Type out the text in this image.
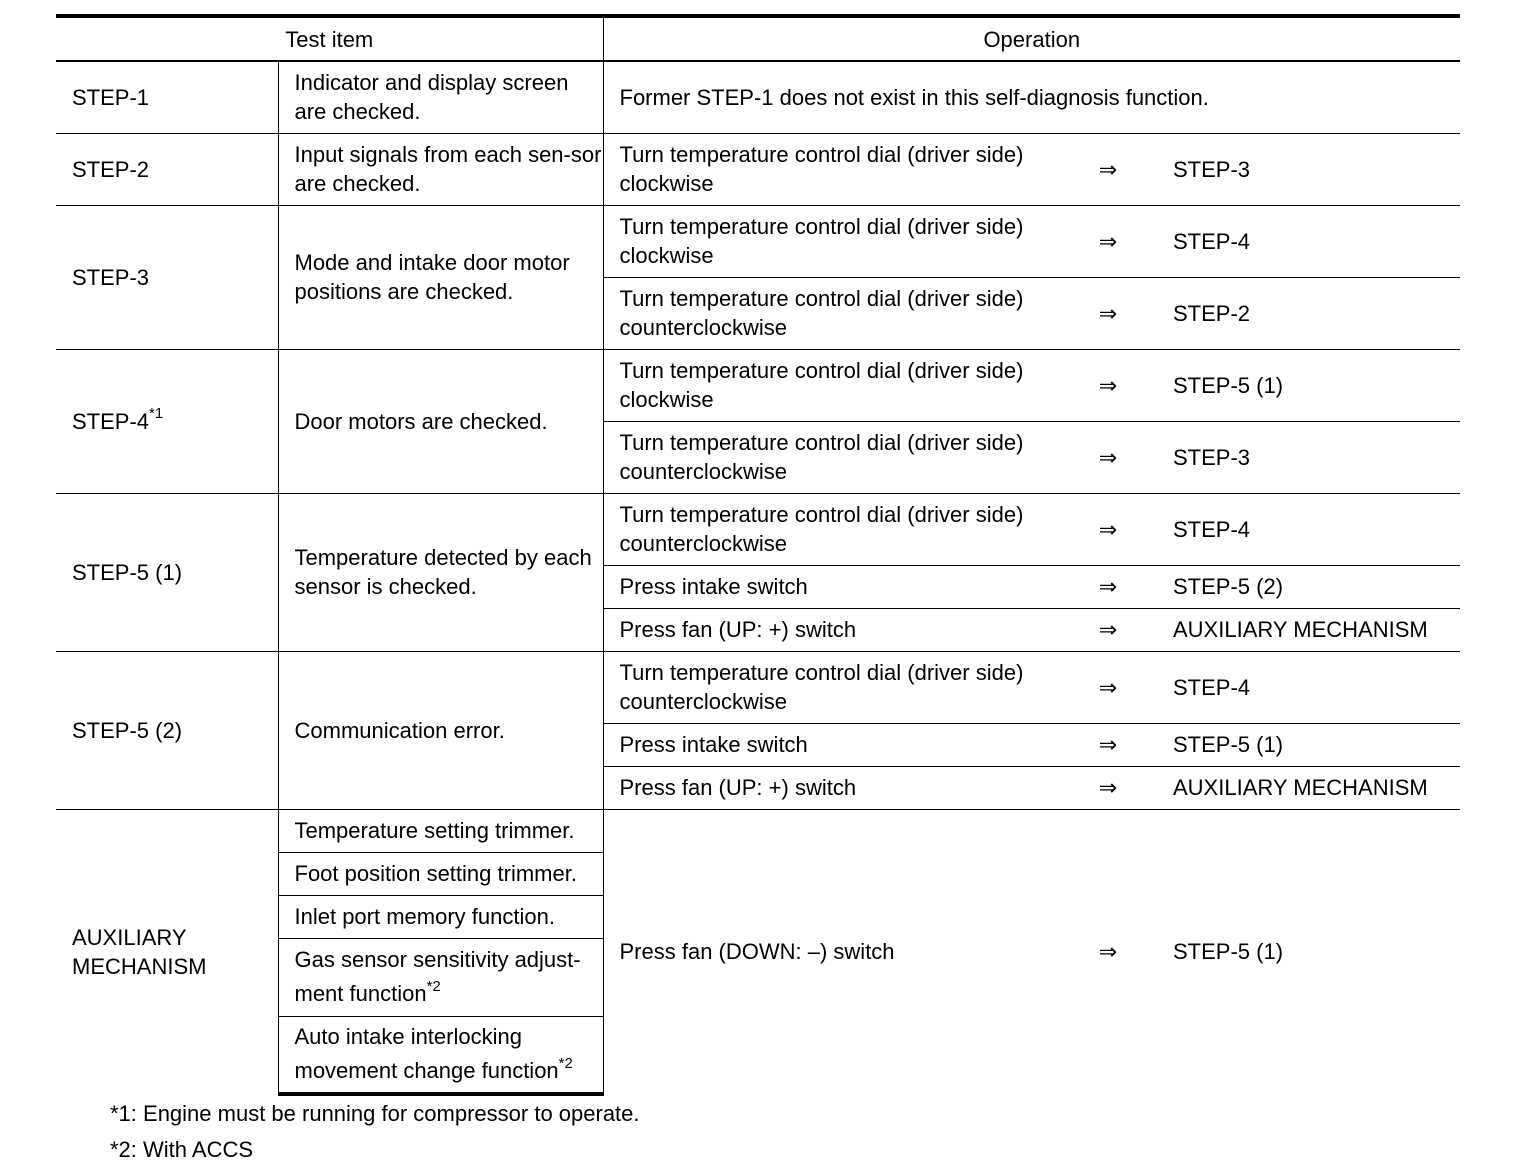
Test item		Operation		
STEP-1	Indicator and display screen are checked.	Former STEP-1 does not exist in this self-diagnosis function.		
STEP-2	Input signals from each sen-sor are checked.	Turn temperature control dial (driver side) clockwise	⇒	STEP-3
STEP-3	Mode and intake door motor positions are checked.	Turn temperature control dial (driver side) clockwise	⇒	STEP-4
		Turn temperature control dial (driver side) counterclockwise	⇒	STEP-2
STEP-4$^{*1}$	Door motors are checked.	Turn temperature control dial (driver side) clockwise	⇒	STEP-5 (1)
		Turn temperature control dial (driver side) counterclockwise	⇒	STEP-3
STEP-5 (1)	Temperature detected by each sensor is checked.	Turn temperature control dial (driver side) counterclockwise	⇒	STEP-4
		Press intake switch	⇒	STEP-5 (2)
		Press fan (UP: +) switch	⇒	AUXILIARY MECHANISM
STEP-5 (2)	Communication error.	Turn temperature control dial (driver side) counterclockwise	⇒	STEP-4
		Press intake switch	⇒	STEP-5 (1)
		Press fan (UP: +) switch	⇒	AUXILIARY MECHANISM

AUXILIARY MECHANISM	Temperature setting trimmer.	Press fan (DOWN: –) switch	⇒	STEP-5 (1)
	Foot position setting trimmer.			
	Inlet port memory function.			
	Gas sensor sensitivity adjust-ment function$^{*2}$
	Auto intake interlocking movement change function$^{*2}$
*1: Engine must be running for compressor to operate.
*2: With ACCS
